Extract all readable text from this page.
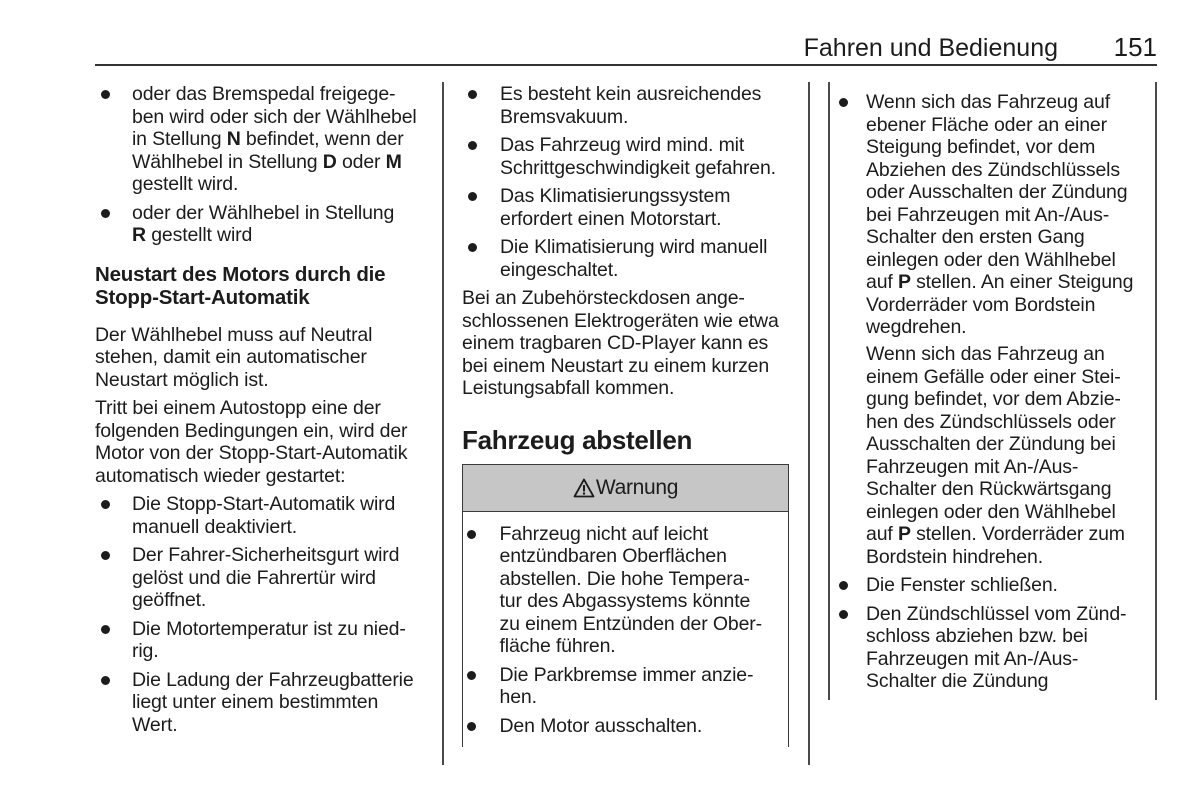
Fahren und Bedienung 151
oder das Bremspedal freigege-
ben wird oder sich der Wählhebel
in Stellung N befindet, wenn der
Wählhebel in Stellung D oder M
gestellt wird.
oder der Wählhebel in Stellung
R gestellt wird
Neustart des Motors durch die
Stopp-Start-Automatik
Der Wählhebel muss auf Neutral
stehen, damit ein automatischer
Neustart möglich ist.
Tritt bei einem Autostopp eine der
folgenden Bedingungen ein, wird der
Motor von der Stopp-Start-Automatik
automatisch wieder gestartet:
Die Stopp-Start-Automatik wird
manuell deaktiviert.
Der Fahrer-Sicherheitsgurt wird
gelöst und die Fahrertür wird
geöffnet.
Die Motortemperatur ist zu nied-
rig.
Die Ladung der Fahrzeugbatterie
liegt unter einem bestimmten
Wert.
Es besteht kein ausreichendes
Bremsvakuum.
Das Fahrzeug wird mind. mit
Schrittgeschwindigkeit gefahren.
Das Klimatisierungssystem
erfordert einen Motorstart.
Die Klimatisierung wird manuell
eingeschaltet.
Bei an Zubehörsteckdosen ange-
schlossenen Elektrogeräten wie etwa
einem tragbaren CD-Player kann es
bei einem Neustart zu einem kurzen
Leistungsabfall kommen.
Fahrzeug abstellen
Warnung
Fahrzeug nicht auf leicht
entzündbaren Oberflächen
abstellen. Die hohe Tempera-
tur des Abgassystems könnte
zu einem Entzünden der Ober-
fläche führen.
Die Parkbremse immer anzie-
hen.
Den Motor ausschalten.
Wenn sich das Fahrzeug auf
ebener Fläche oder an einer
Steigung befindet, vor dem
Abziehen des Zündschlüssels
oder Ausschalten der Zündung
bei Fahrzeugen mit An-/Aus-
Schalter den ersten Gang
einlegen oder den Wählhebel
auf P stellen. An einer Steigung
Vorderräder vom Bordstein
wegdrehen.
Wenn sich das Fahrzeug an
einem Gefälle oder einer Stei-
gung befindet, vor dem Abzie-
hen des Zündschlüssels oder
Ausschalten der Zündung bei
Fahrzeugen mit An-/Aus-
Schalter den Rückwärtsgang
einlegen oder den Wählhebel
auf P stellen. Vorderräder zum
Bordstein hindrehen.
Die Fenster schließen.
Den Zündschlüssel vom Zünd-
schloss abziehen bzw. bei
Fahrzeugen mit An-/Aus-
Schalter die Zündung
